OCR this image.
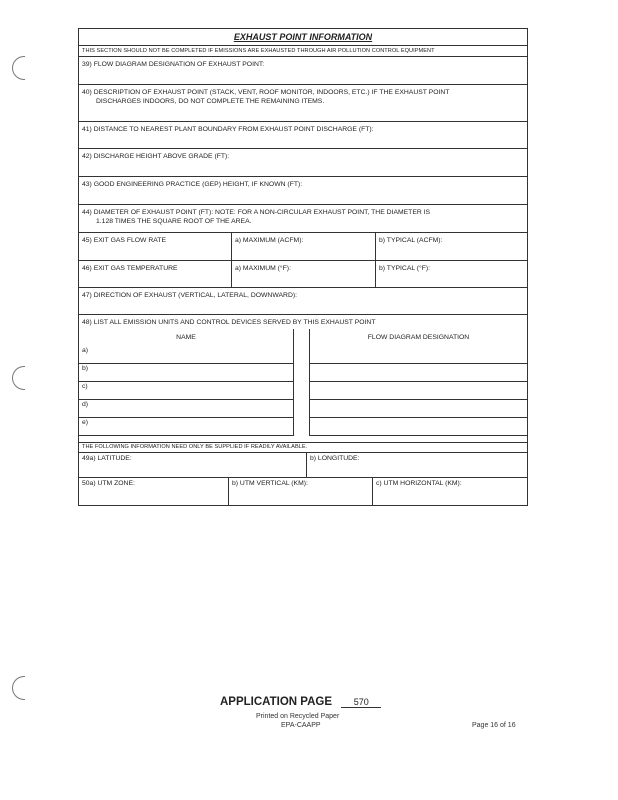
EXHAUST POINT INFORMATION
THIS SECTION SHOULD NOT BE COMPLETED IF EMISSIONS ARE EXHAUSTED THROUGH AIR POLLUTION CONTROL EQUIPMENT
39) FLOW DIAGRAM DESIGNATION OF EXHAUST POINT:
40) DESCRIPTION OF EXHAUST POINT (STACK, VENT, ROOF MONITOR, INDOORS, ETC.) IF THE EXHAUST POINT
DISCHARGES INDOORS, DO NOT COMPLETE THE REMAINING ITEMS.
41) DISTANCE TO NEAREST PLANT BOUNDARY FROM EXHAUST POINT DISCHARGE (FT):
42) DISCHARGE HEIGHT ABOVE GRADE (FT):
43) GOOD ENGINEERING PRACTICE (GEP) HEIGHT, IF KNOWN (FT):
44) DIAMETER OF EXHAUST POINT (FT): NOTE: FOR A NON-CIRCULAR EXHAUST POINT, THE DIAMETER IS
1.128 TIMES THE SQUARE ROOT OF THE AREA.
45) EXIT GAS FLOW RATE	a) MAXIMUM (ACFM):	b) TYPICAL (ACFM):
46) EXIT GAS TEMPERATURE	a) MAXIMUM (°F):	b) TYPICAL (°F):
47) DIRECTION OF EXHAUST (VERTICAL, LATERAL, DOWNWARD):
48) LIST ALL EMISSION UNITS AND CONTROL DEVICES SERVED BY THIS EXHAUST POINT
NAME	FLOW DIAGRAM DESIGNATION
a)
b)
c)
d)
e)
THE FOLLOWING INFORMATION NEED ONLY BE SUPPLIED IF READILY AVAILABLE.
49a) LATITUDE:	b) LONGITUDE:
50a) UTM ZONE:	b) UTM VERTICAL (KM):	c) UTM HORIZONTAL (KM):
APPLICATION PAGE 570
Printed on Recycled Paper
EPA-CAAPP	Page 16 of 16
